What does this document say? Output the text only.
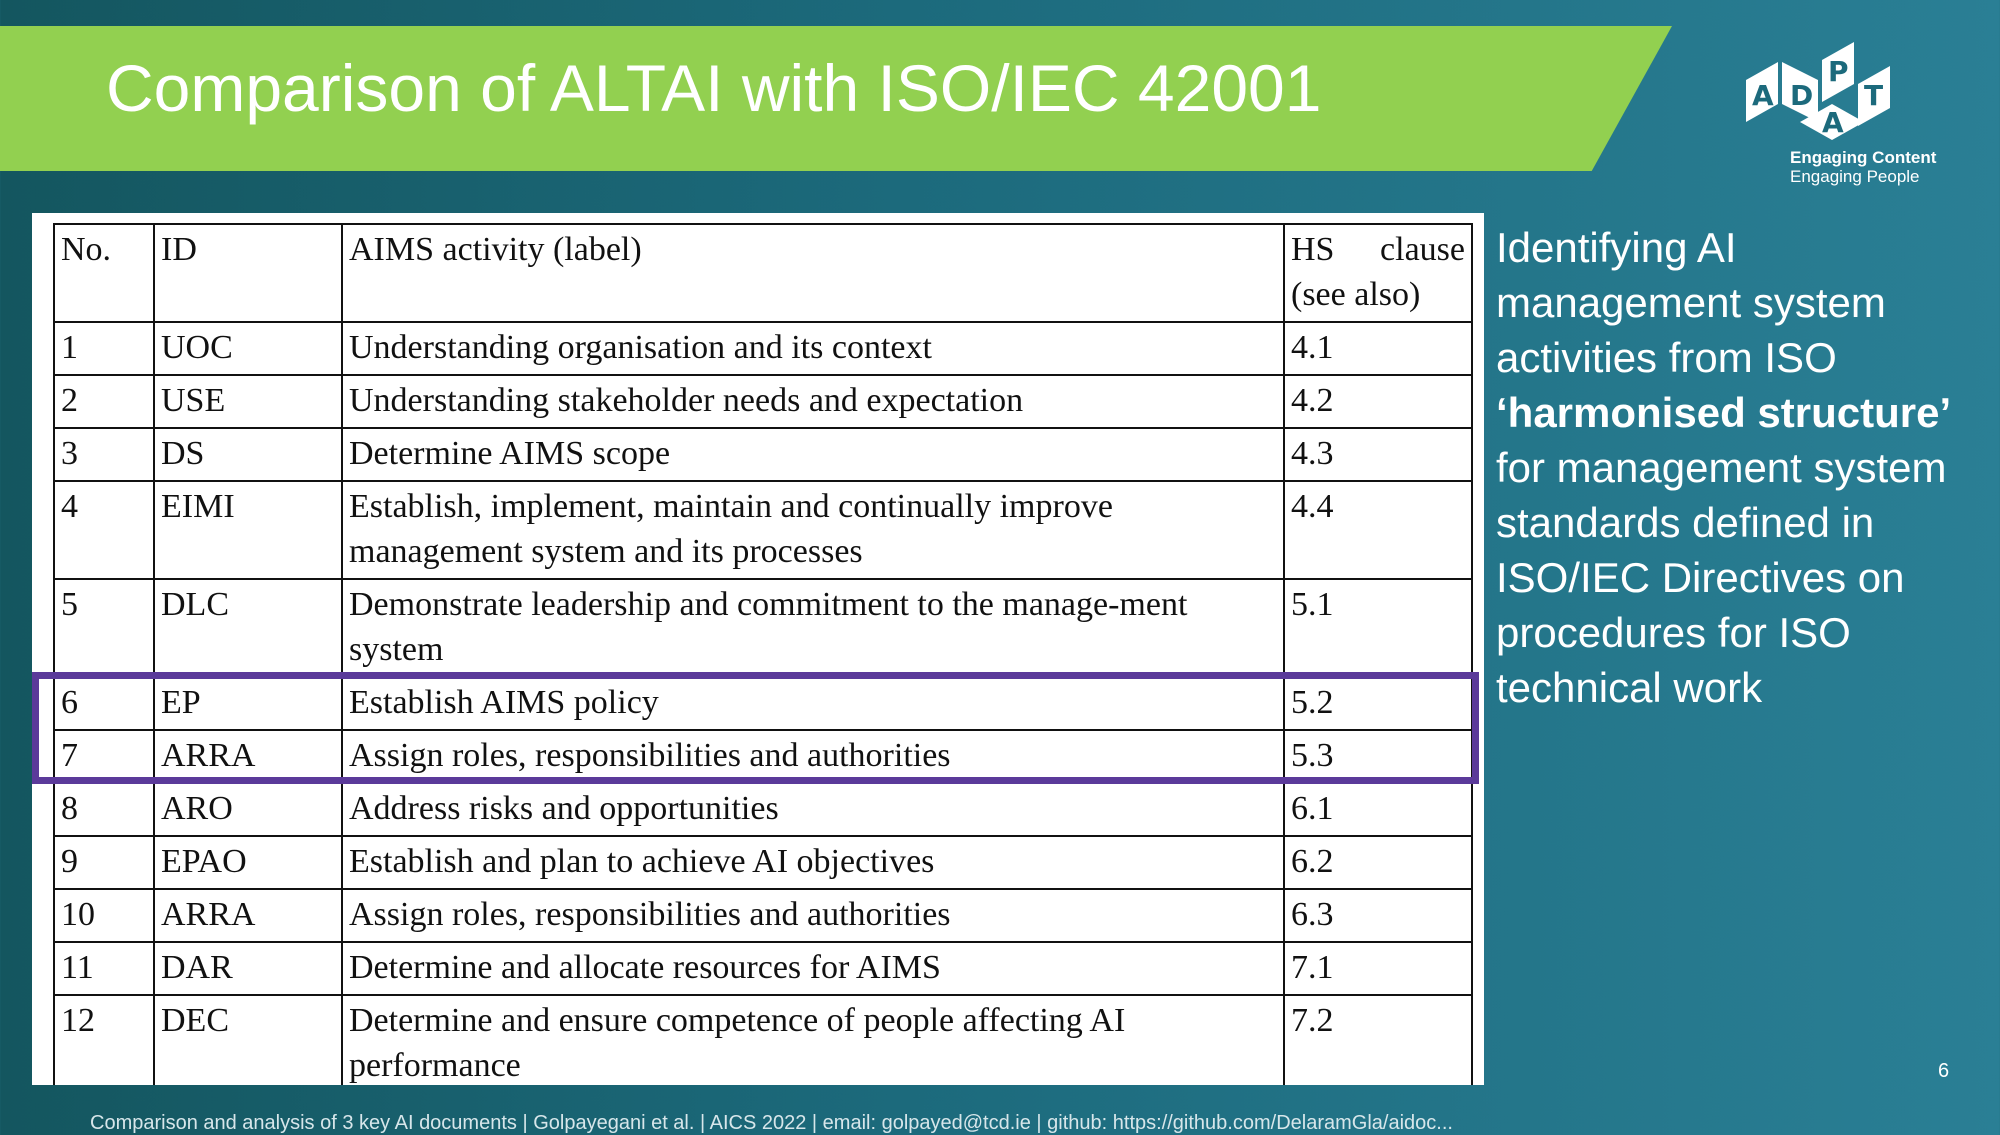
Comparison of ALTAI with ISO/IEC 42001	A D
P
A
T
Engaging Content
Engaging People
No.	ID	AIMS activity (label)	HS clause
(see also)

1	UOC	Understanding organisation and its context	4.1
2	USE	Understanding stakeholder needs and expectation	4.2
3	DS	Determine AIMS scope	4.3
4	EIMI	Establish, implement, maintain and continually improve management system and its processes	4.4
5	DLC	Demonstrate leadership and commitment to the manage-ment system	5.1
6	EP	Establish AIMS policy	5.2
7	ARRA	Assign roles, responsibilities and authorities	5.3
8	ARO	Address risks and opportunities	6.1
9	EPAO	Establish and plan to achieve AI objectives	6.2
10	ARRA	Assign roles, responsibilities and authorities	6.3
11	DAR	Determine and allocate resources for AIMS	7.1
12	DEC	Determine and ensure competence of people affecting AI performance	7.2

Identifying AI management system activities from ISO ‘harmonised structure’ for management system standards defined in ISO/IEC Directives on procedures for ISO technical work
6
Comparison and analysis of 3 key AI documents | Golpayegani et al. | AICS 2022 | email: golpayed@tcd.ie | github: https://github.com/DelaramGla/aidoc...
